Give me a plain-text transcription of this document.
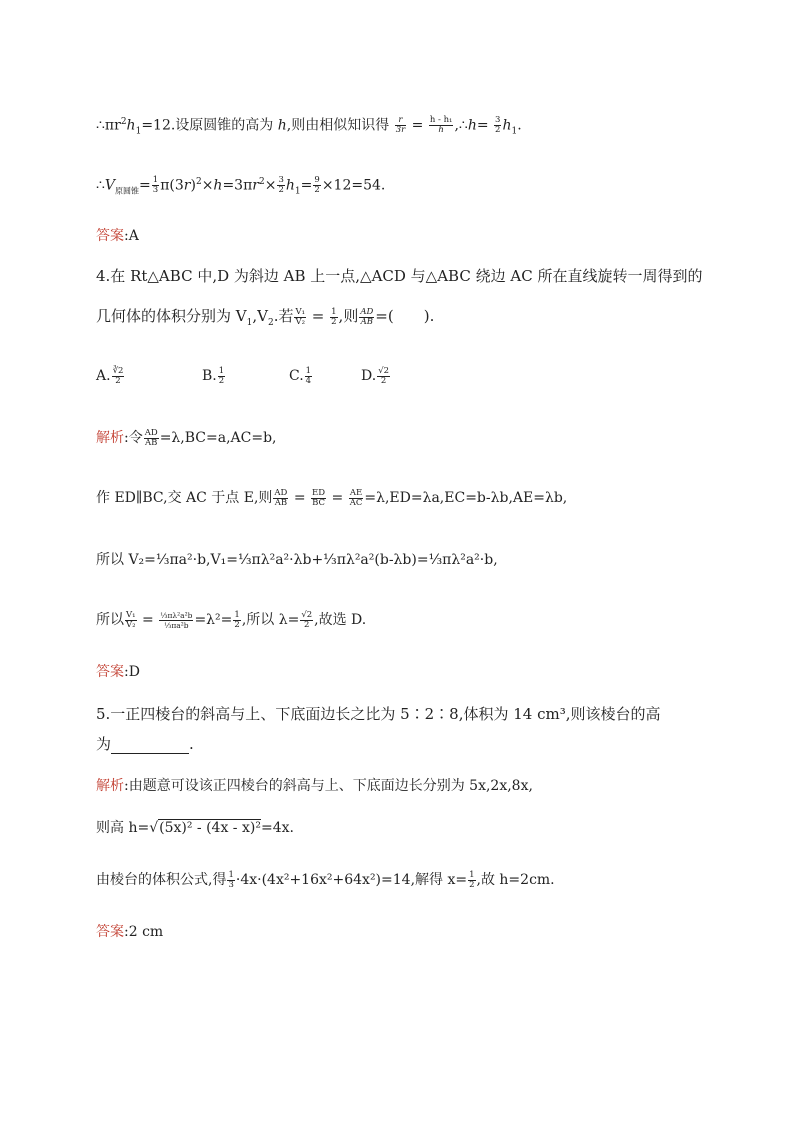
$\therefore\pi r^2h_1=12$.设原圆锥的高为 h,则由相似知识得 $\frac{r}{3r} = \frac{\text{h - h₁}}{h}$ ,∴h= $\frac{3}{2} h_1$.
$\therefore V_{原圆锥}= \frac{1}{3} \pi(3r)^2\times h=3\pi r^2\times \frac{3}{2} h_1= \frac{9}{2} \times 12=54$.
答案:A
4.在 Rt△ABC 中,D 为斜边 AB 上一点,△ACD 与△ABC 绕边 AC 所在直线旋转一周得到的
几何体的体积分别为 $V_1,V_2$.若 $\frac{\text{V₁}}{\text{V₂}} = \frac{1}{2}$ ,则 $\frac{AD}{AB}$ =(　　).
A. $\frac{∛2}{2}$	B. $\frac{1}{2}$	C. $\frac{1}{4}$	D. $\frac{√2}{2}$
解析:令 $\frac{AD}{AB} =\lambda,BC=a,AC=b$,
作 ED∥BC,交 AC 于点 E,则 $\frac{AD}{AB} = \frac{ED}{BC} = \frac{AE}{AC} =\lambda,ED=\lambda a,EC=b-\lambda b,AE=\lambda b$,
所以 V₂=⅓πa²·b,V₁=⅓πλ²a²·λb+⅓πλ²a²(b-λb)=⅓πλ²a²·b,
所以 $\frac{\text{V₁}}{\text{V₂}} = \frac{\text{⅓πλ²a²b}}{\text{⅓πa²b}} =\lambda^2= \frac{1}{2}$ ,所以 $\lambda= \frac{√2}{2}$ ,故选 D.
答案:D
5.一正四棱台的斜高与上、下底面边长之比为 5∶2∶8,体积为 14 cm³,则该棱台的高
为	.
解析:由题意可设该正四棱台的斜高与上、下底面边长分别为 5x,2x,8x,
则高 h=√(5x)² - (4x - x)²=4x.
由棱台的体积公式,得 $\frac{1}{3} \cdot 4x\cdot(4x^2+16x^2+64x^2)=14$,解得 $x= \frac{1}{2}$ ,故 h=2cm.
答案:2 cm
